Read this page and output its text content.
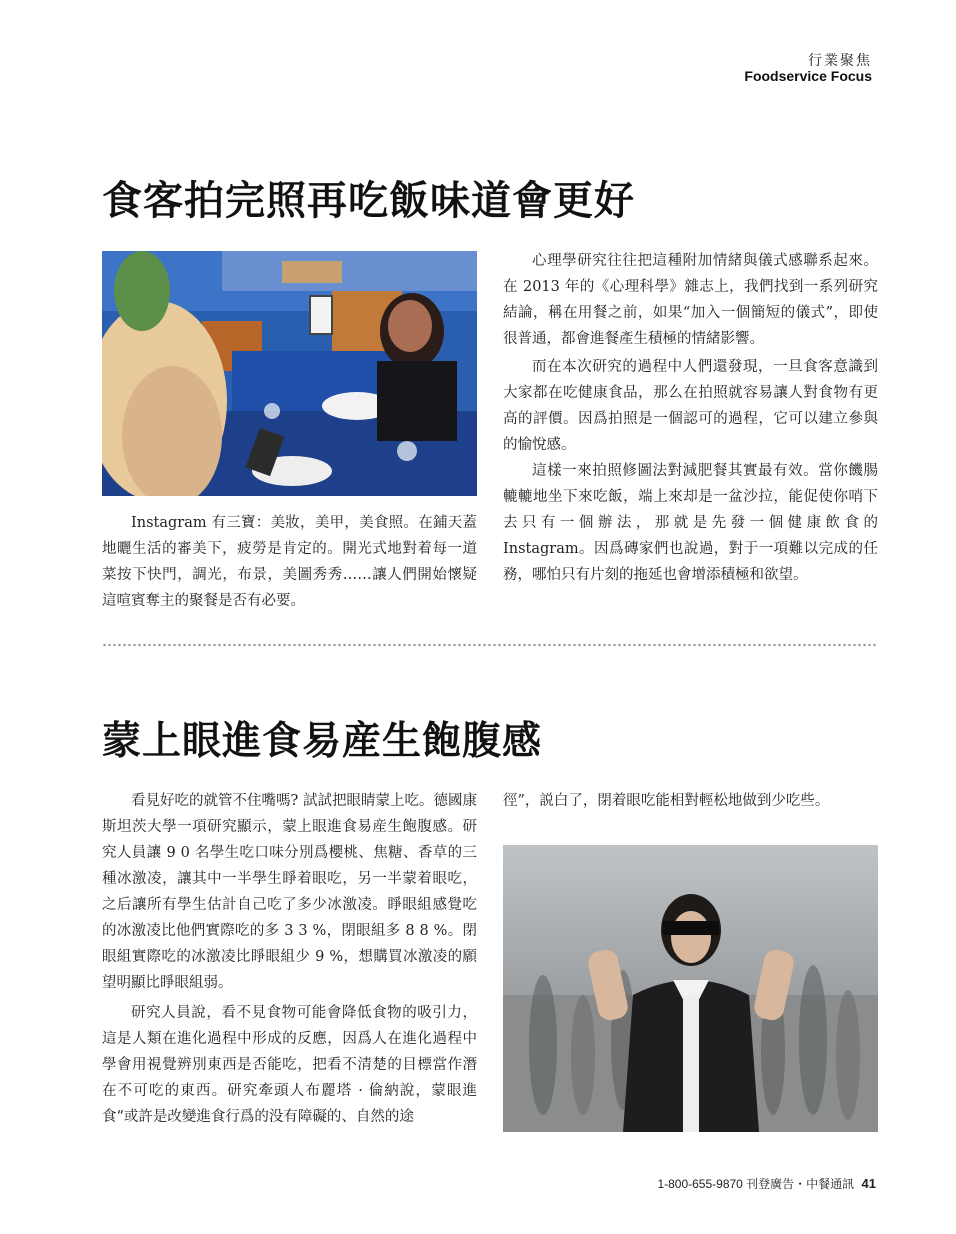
行業聚焦
Foodservice Focus
食客拍完照再吃飯味道會更好

Instagram 有三寶：美妝，美甲，美食照。在鋪天蓋地曬生活的審美下，疲勞是肯定的。開光式地對着每一道菜按下快門，調光，布景，美圖秀秀……讓人們開始懷疑這喧賓奪主的聚餐是否有必要。

心理學研究往往把這種附加情緒與儀式感聯系起來。在 2013 年的《心理科學》雜志上，我們找到一系列研究結論，稱在用餐之前，如果“加入一個簡短的儀式”，即使很普通，都會進餐產生積極的情緒影響。

而在本次研究的過程中人們還發現，一旦食客意識到大家都在吃健康食品，那么在拍照就容易讓人對食物有更高的評價。因爲拍照是一個認可的過程，它可以建立參與的愉悅感。

這樣一來拍照修圖法對減肥餐其實最有效。當你饑腸轆轆地坐下來吃飯，端上來却是一盆沙拉，能促使你哨下去只有一個辦法，那就是先發一個健康飲食的 Instagram。因爲磚家們也說過，對于一項難以完成的任務，哪怕只有片刻的拖延也會增添積極和欲望。

蒙上眼進食易産生飽腹感

看見好吃的就管不住嘴嗎? 試試把眼睛蒙上吃。德國康斯坦茨大學一項研究顯示，蒙上眼進食易産生飽腹感。研究人員讓 9 0 名學生吃口味分別爲櫻桃、焦糖、香草的三種冰激凌，讓其中一半學生睜着眼吃，另一半蒙着眼吃，之后讓所有學生估計自己吃了多少冰激凌。睜眼組感覺吃的冰激凌比他們實際吃的多 3 3 %，閉眼組多 8 8 %。閉眼組實際吃的冰激凌比睜眼組少 9 %，想購買冰激凌的願望明顯比睜眼組弱。

研究人員說，看不見食物可能會降低食物的吸引力，這是人類在進化過程中形成的反應，因爲人在進化過程中學會用視覺辨別東西是否能吃，把看不清楚的目標當作潛在不可吃的東西。研究牽頭人布麗塔 · 倫納說，蒙眼進食“或許是改變進食行爲的没有障礙的、自然的途

徑”，説白了，閉着眼吃能相對輕松地做到少吃些。

1-800-655-9870 刊登廣告・中餐通訊 41
